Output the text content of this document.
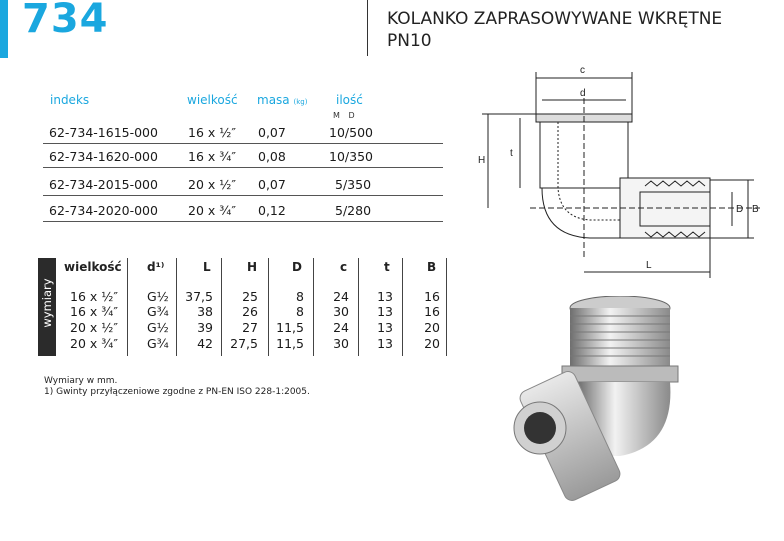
734	KOLANKO ZAPRASOWYWANE WKRĘTNE
PN10
indeks	wielkość masa (kg) ilość
M D
62-734-1615-000 16 x ½″ 0,07	10/500
62-734-1620-000 16 x ¾″ 0,08	10/350
62-734-2015-000 20 x ½″ 0,07	5/350
62-734-2020-000 20 x ¾″ 0,12	5/280
wymiary
wielkość d¹⁾	L	H	D	c	t	B
16 x ½″ G½	37,5	25	8	24	13	16
16 x ¾″ G¾	38	26	8	30	13	16
20 x ½″ G½	39	27	11,5	24	13	20
20 x ¾″ G¾	42	27,5	11,5	30	13	20
Wymiary w mm.
1) Gwinty przyłączeniowe zgodne z PN-EN ISO 228-1:2005.
c
d
H
t
L
D B
